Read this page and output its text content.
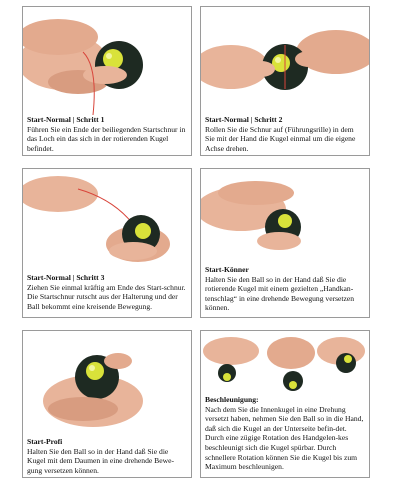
Start-Normal | Schritt 1
Führen Sie ein Ende der beiliegenden Startschnur in das Loch ein das sich in der rotierenden Kugel befindet.
Start-Normal | Schritt 2
Rollen Sie die Schnur auf (Führungsrille) in dem Sie mit der Hand die Kugel einmal um die eigene Achse drehen.
Start-Normal | Schritt 3
Ziehen Sie einmal kräftig am Ende des Start-schnur. Die Startschnur rutscht aus der Halterung und der Ball bekommt eine kreisende Bewegung.
Start-Könner
Halten Sie den Ball so in der Hand daß Sie die rotierende Kugel mit einem gezielten „Handkan-tenschlag“ in eine drehende Bewegung versetzen können.
Start-Profi
Halten Sie den Ball so in der Hand daß Sie die Kugel mit dem Daumen in eine drehende Bewe-gung versetzen können.
Beschleunigung:
Nach dem Sie die Innenkugel in eine Drehung versetzt haben, nehmen Sie den Ball so in die Hand, daß sich die Kugel an der Unterseite befin-det. Durch eine zügige Rotation des Handgelen-kes beschleunigt sich die Kugel spürbar. Durch schnellere Rotation können Sie die Kugel bis zum Maximum beschleunigen.
